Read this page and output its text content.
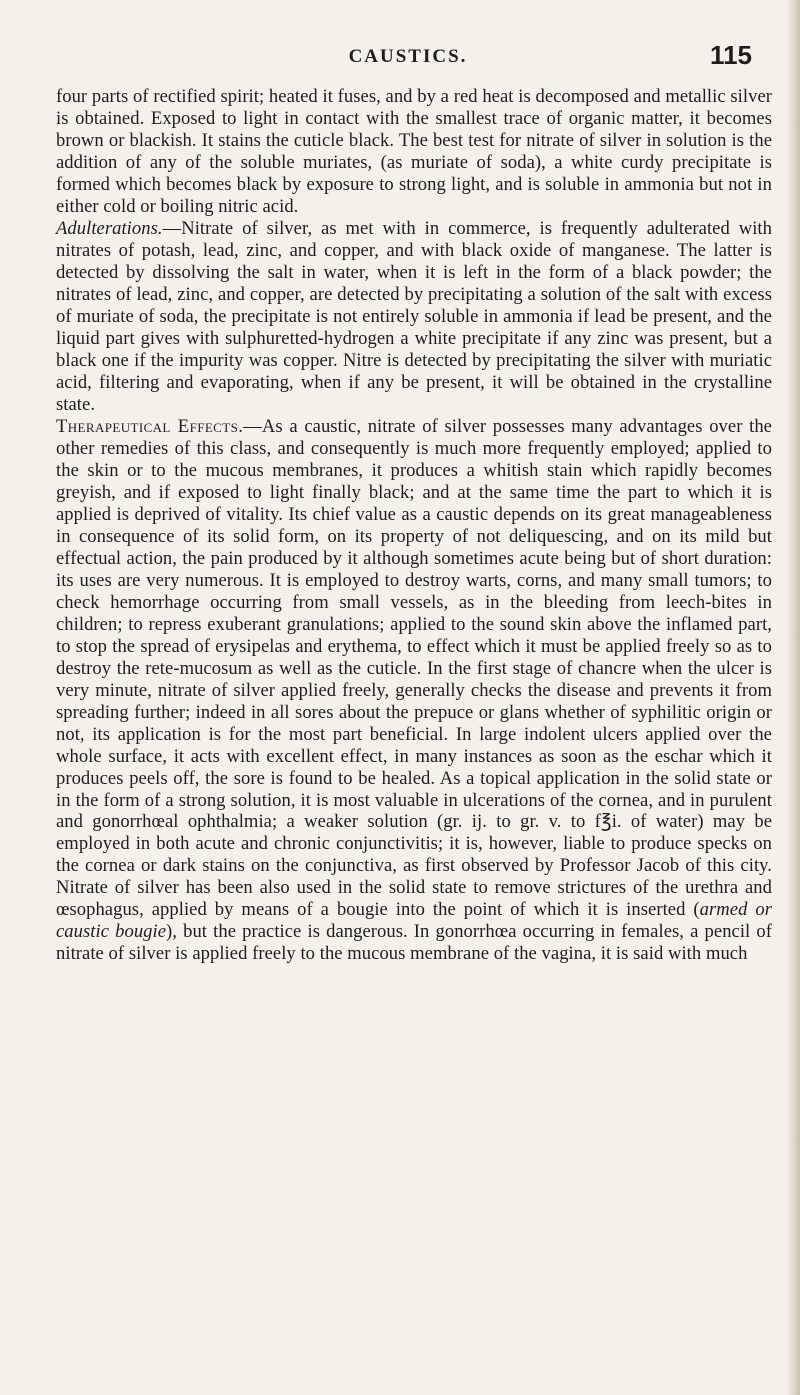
CAUSTICS.	115

four parts of rectified spirit; heated it fuses, and by a red heat is decomposed and metallic silver is obtained. Exposed to light in contact with the smallest trace of organic matter, it becomes brown or blackish. It stains the cuticle black. The best test for nitrate of silver in solution is the addition of any of the soluble muriates, (as muriate of soda), a white curdy precipitate is formed which becomes black by exposure to strong light, and is soluble in ammonia but not in either cold or boiling nitric acid.

Adulterations.—Nitrate of silver, as met with in commerce, is frequently adulterated with nitrates of potash, lead, zinc, and copper, and with black oxide of manganese. The latter is detected by dissolving the salt in water, when it is left in the form of a black powder; the nitrates of lead, zinc, and copper, are detected by precipitating a solution of the salt with excess of muriate of soda, the precipitate is not entirely soluble in ammonia if lead be present, and the liquid part gives with sulphuretted-hydrogen a white precipitate if any zinc was present, but a black one if the impurity was copper. Nitre is detected by precipitating the silver with muriatic acid, filtering and evaporating, when if any be present, it will be obtained in the crystalline state.

Therapeutical Effects.—As a caustic, nitrate of silver possesses many advantages over the other remedies of this class, and consequently is much more frequently employed; applied to the skin or to the mucous membranes, it produces a whitish stain which rapidly becomes greyish, and if exposed to light finally black; and at the same time the part to which it is applied is deprived of vitality. Its chief value as a caustic depends on its great manageableness in consequence of its solid form, on its property of not deliquescing, and on its mild but effectual action, the pain produced by it although sometimes acute being but of short duration: its uses are very numerous. It is employed to destroy warts, corns, and many small tumors; to check hemorrhage occurring from small vessels, as in the bleeding from leech-bites in children; to repress exuberant granulations; applied to the sound skin above the inflamed part, to stop the spread of erysipelas and erythema, to effect which it must be applied freely so as to destroy the rete-mucosum as well as the cuticle. In the first stage of chancre when the ulcer is very minute, nitrate of silver applied freely, generally checks the disease and prevents it from spreading further; indeed in all sores about the prepuce or glans whether of syphilitic origin or not, its application is for the most part beneficial. In large indolent ulcers applied over the whole surface, it acts with excellent effect, in many instances as soon as the eschar which it produces peels off, the sore is found to be healed. As a topical application in the solid state or in the form of a strong solution, it is most valuable in ulcerations of the cornea, and in purulent and gonorrhœal ophthalmia; a weaker solution (gr. ij. to gr. v. to f℥i. of water) may be employed in both acute and chronic conjunctivitis; it is, however, liable to produce specks on the cornea or dark stains on the conjunctiva, as first observed by Professor Jacob of this city. Nitrate of silver has been also used in the solid state to remove strictures of the urethra and œsophagus, applied by means of a bougie into the point of which it is inserted (armed or caustic bougie), but the practice is dangerous. In gonorrhœa occurring in females, a pencil of nitrate of silver is applied freely to the mucous membrane of the vagina, it is said with much
